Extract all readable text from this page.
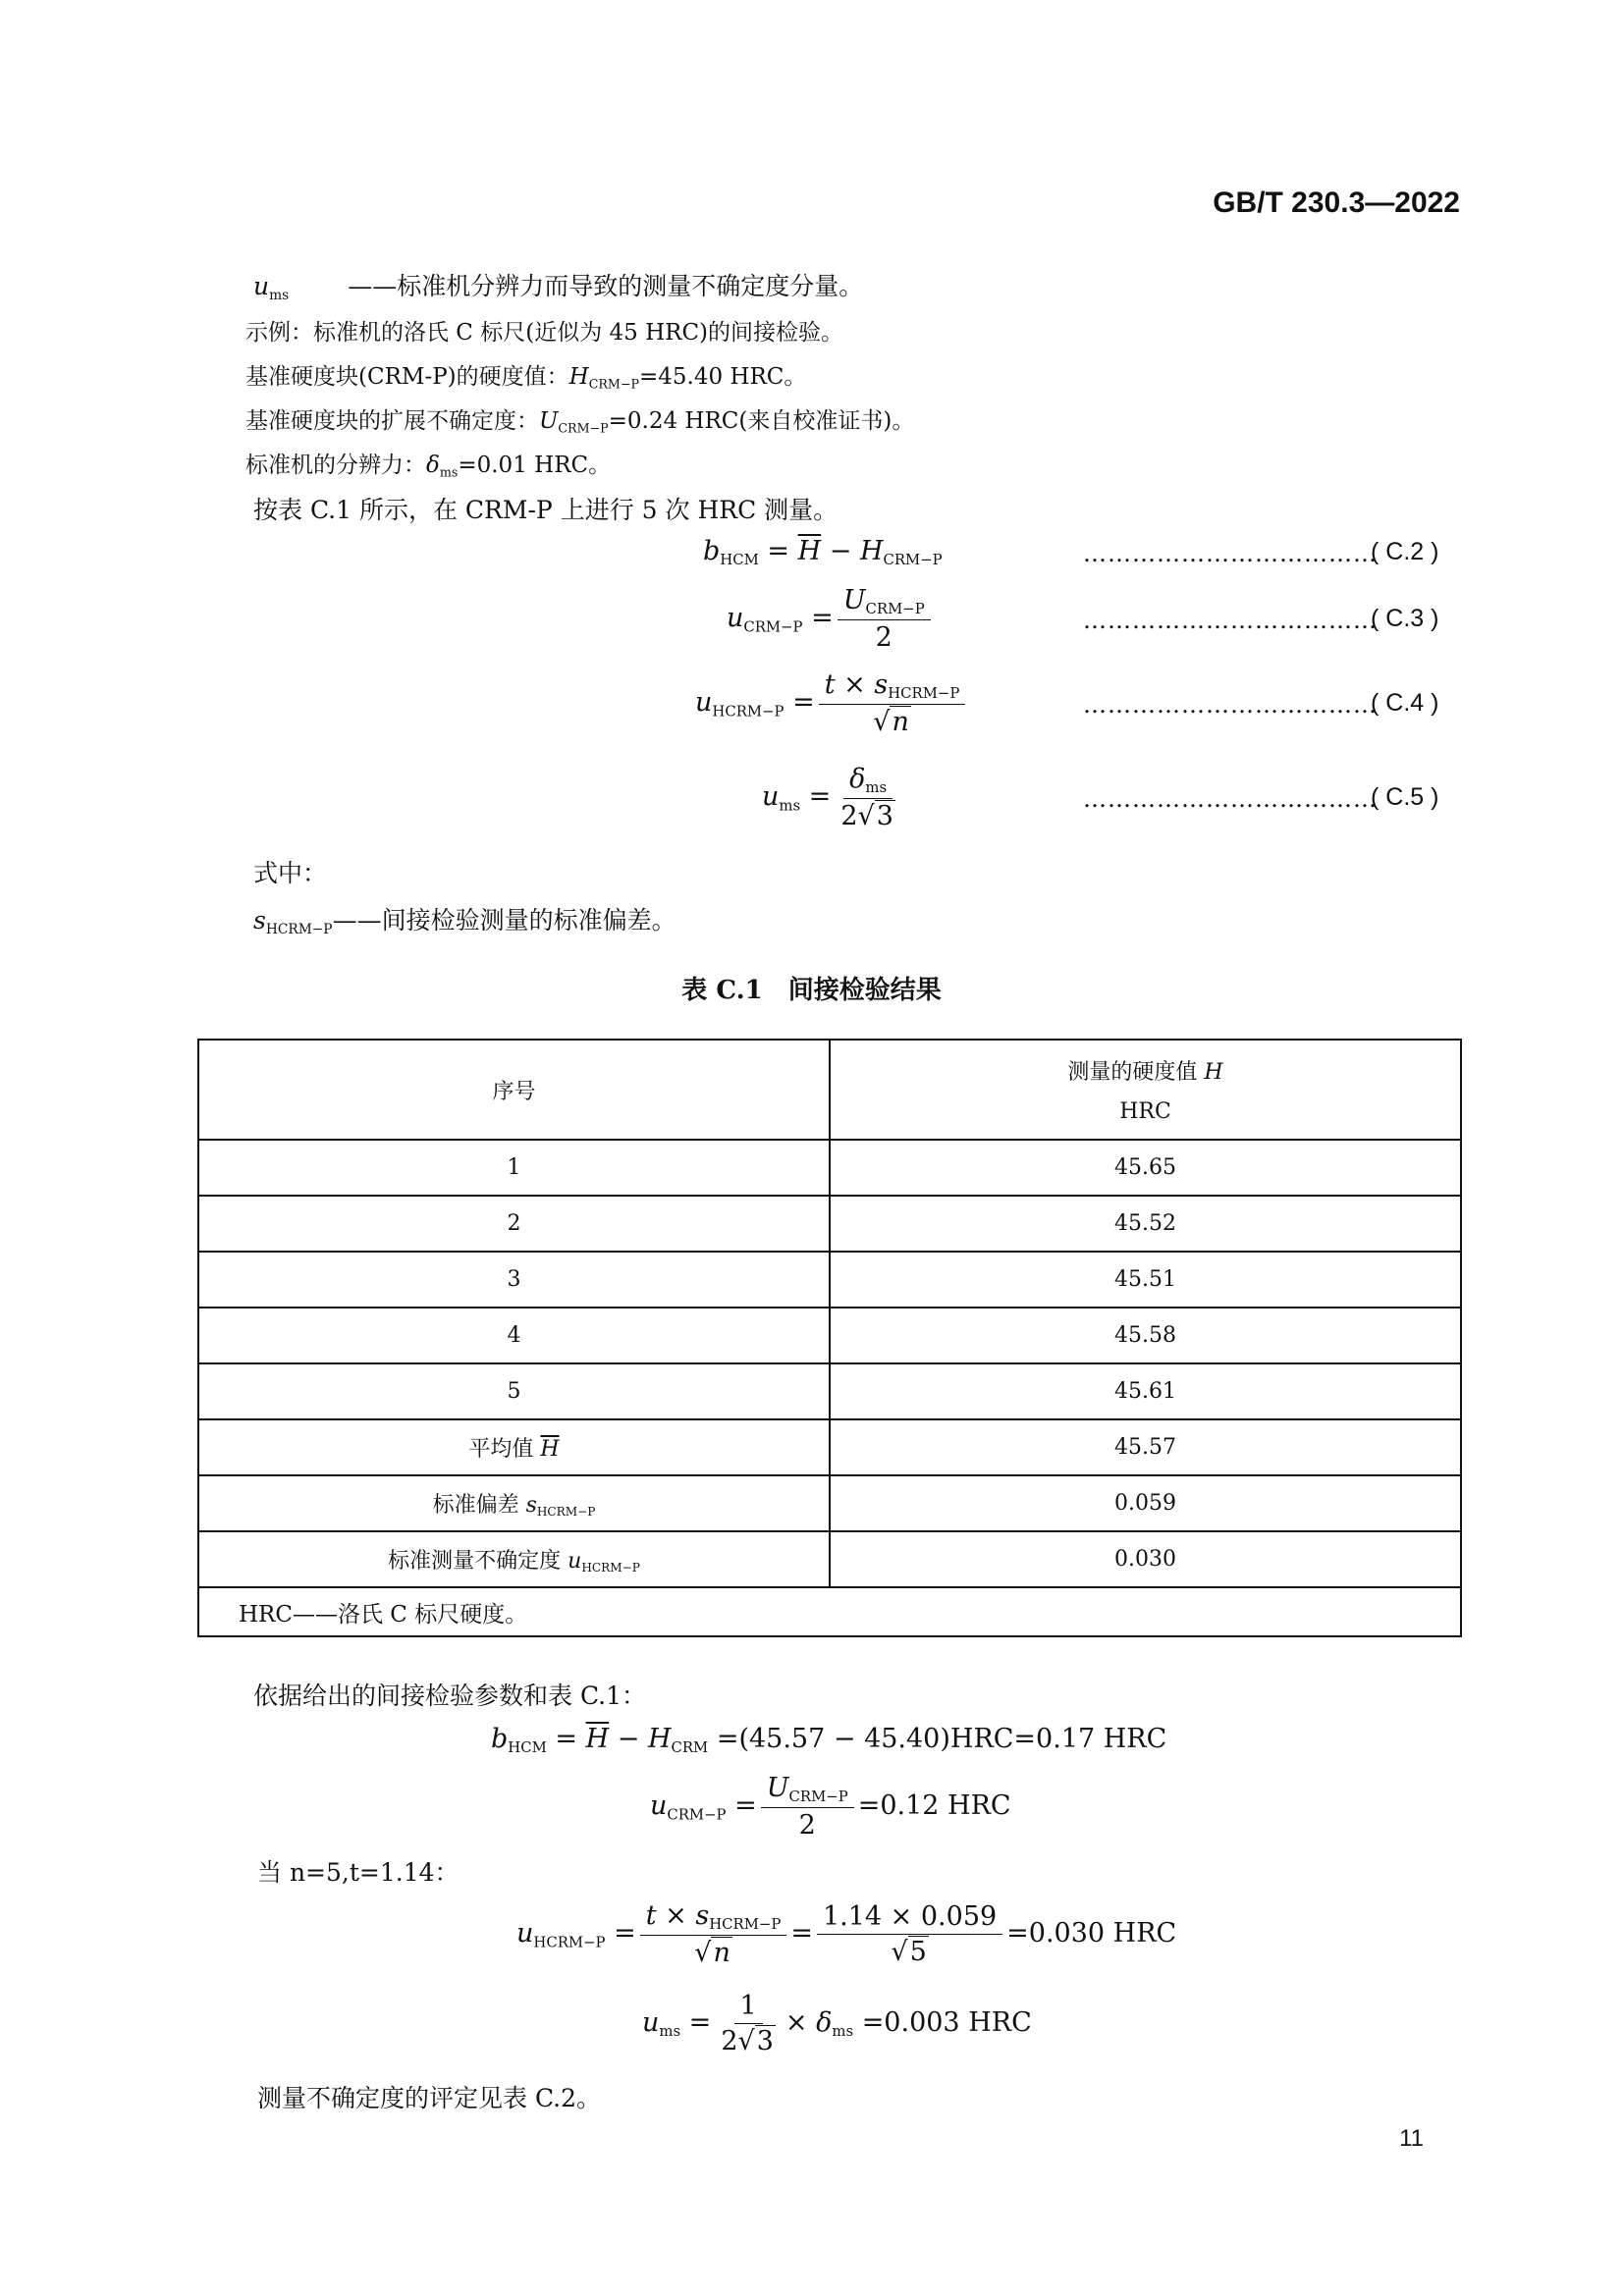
GB/T 230.3—2022
ums ——标准机分辨力而导致的测量不确定度分量。
示例：标准机的洛氏 C 标尺(近似为 45 HRC)的间接检验。
基准硬度块(CRM-P)的硬度值：HCRM−P=45.40 HRC。
基准硬度块的扩展不确定度：UCRM−P=0.24 HRC(来自校准证书)。
标准机的分辨力：δms=0.01 HRC。
按表 C.1 所示，在 CRM-P 上进行 5 次 HRC 测量。
bHCM = $\overline{H}$ − HCRM−P	………………………………
( C.2 )
uCRM−P = $\frac{\text{UCRM−P}}{2}$	………………………………
( C.3 )
uHCRM−P = $\frac{\text{t × sHCRM−P}}{√n}$	………………………………
( C.4 )
ums = $\frac{\text{δms}}{2√3}$	………………………………
( C.5 )
式中：
sHCRM−P——间接检验测量的标准偏差。
表 C.1　间接检验结果
序号	测量的硬度值 H
HRC

1	45.65
2	45.52
3	45.51
4	45.58
5	45.61
平均值 $\overline{H}$	45.57
标准偏差 sHCRM−P	0.059
标准测量不确定度 uHCRM−P	0.030
HRC——洛氏 C 标尺硬度。	
依据给出的间接检验参数和表 C.1：
bHCM = $\overline{H}$ − HCRM =(45.57 − 45.40)HRC=0.17 HRC
uCRM−P = $\frac{\text{UCRM−P}}{2} =0.12$ HRC
当 n=5,t=1.14：
uHCRM−P = $\frac{\text{t × sHCRM−P}}{√n} = \frac{1.14 \times 0.059}{√5} =0.030$ HRC
ums = $\frac{1}{2√3} \times \delta ms =0.003$ HRC
测量不确定度的评定见表 C.2。
11
